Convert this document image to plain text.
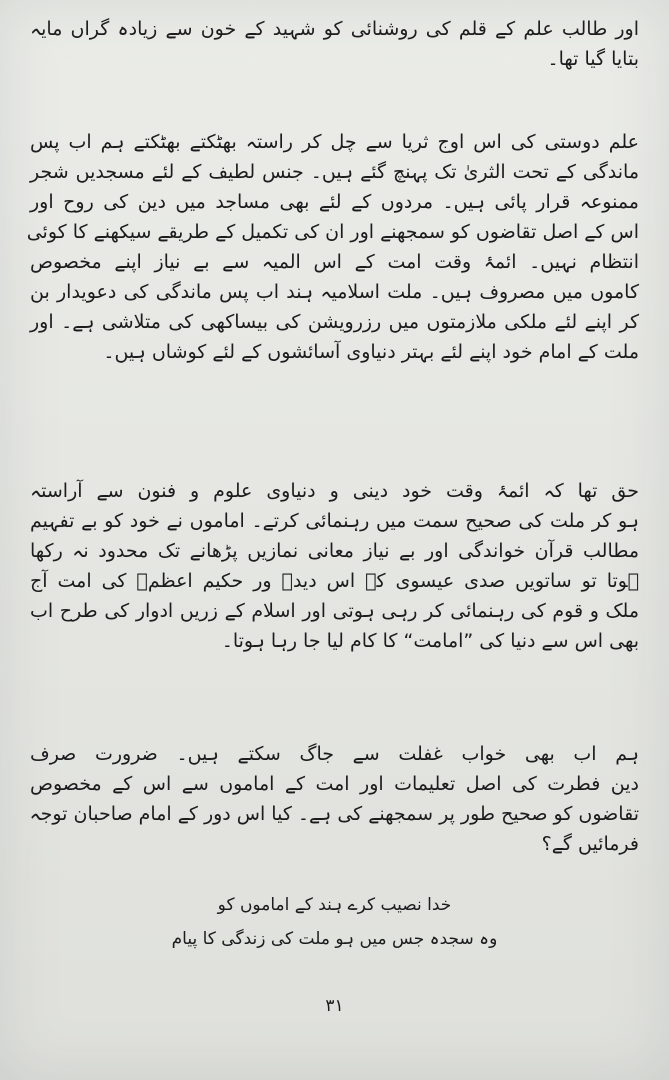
اور طالب علم کے قلم کی روشنائی کو شہید کے خون سے زیادہ گراں مایہ
بتایا گیا تھا۔
علم دوستی کی اس اوج ثریا سے چل کر راستہ بھٹکتے بھٹکتے ہم اب پس
ماندگی کے تحت الثریٰ تک پہنچ گئے ہیں۔ جنس لطیف کے لئے مسجدیں شجر
ممنوعہ قرار پائی ہیں۔ مردوں کے لئے بھی مساجد میں دین کی روح اور
اس کے اصل تقاضوں کو سمجھنے اور ان کی تکمیل کے طریقے سیکھنے کا کوئی
انتظام نہیں۔ ائمۂ وقت امت کے اس المیہ سے بے نیاز اپنے مخصوص
کاموں میں مصروف ہیں۔ ملت اسلامیہ ہند اب پس ماندگی کی دعویدار بن
کر اپنے لئے ملکی ملازمتوں میں رزرویشن کی بیساکھی کی متلاشی ہے۔ اور
ملت کے امام خود اپنے لئے بہتر دنیاوی آسائشوں کے لئے کوشاں ہیں۔
حق تھا کہ ائمۂ وقت خود دینی و دنیاوی علوم و فنون سے آراستہ
ہو کر ملت کی صحیح سمت میں رہنمائی کرتے۔ اماموں نے خود کو بے تفہیم
مطالب قرآن خواندگی اور بے نیاز معانی نمازیں پڑھانے تک محدود نہ رکھا
ہوتا تو ساتویں صدی عیسوی کے اس دیدہ ور حکیم اعظمؐ کی امت آج
ملک و قوم کی رہنمائی کر رہی ہوتی اور اسلام کے زریں ادوار کی طرح اب
بھی اس سے دنیا کی ”امامت“ کا کام لیا جا رہا ہوتا۔
ہم اب بھی خواب غفلت سے جاگ سکتے ہیں۔ ضرورت صرف
دین فطرت کی اصل تعلیمات اور امت کے اماموں سے اس کے مخصوص
تقاضوں کو صحیح طور پر سمجھنے کی ہے۔ کیا اس دور کے امام صاحبان توجہ
فرمائیں گے؟
خدا نصیب کرے ہند کے اماموں کو
وہ سجدہ جس میں ہو ملت کی زندگی کا پیام
۳۱
